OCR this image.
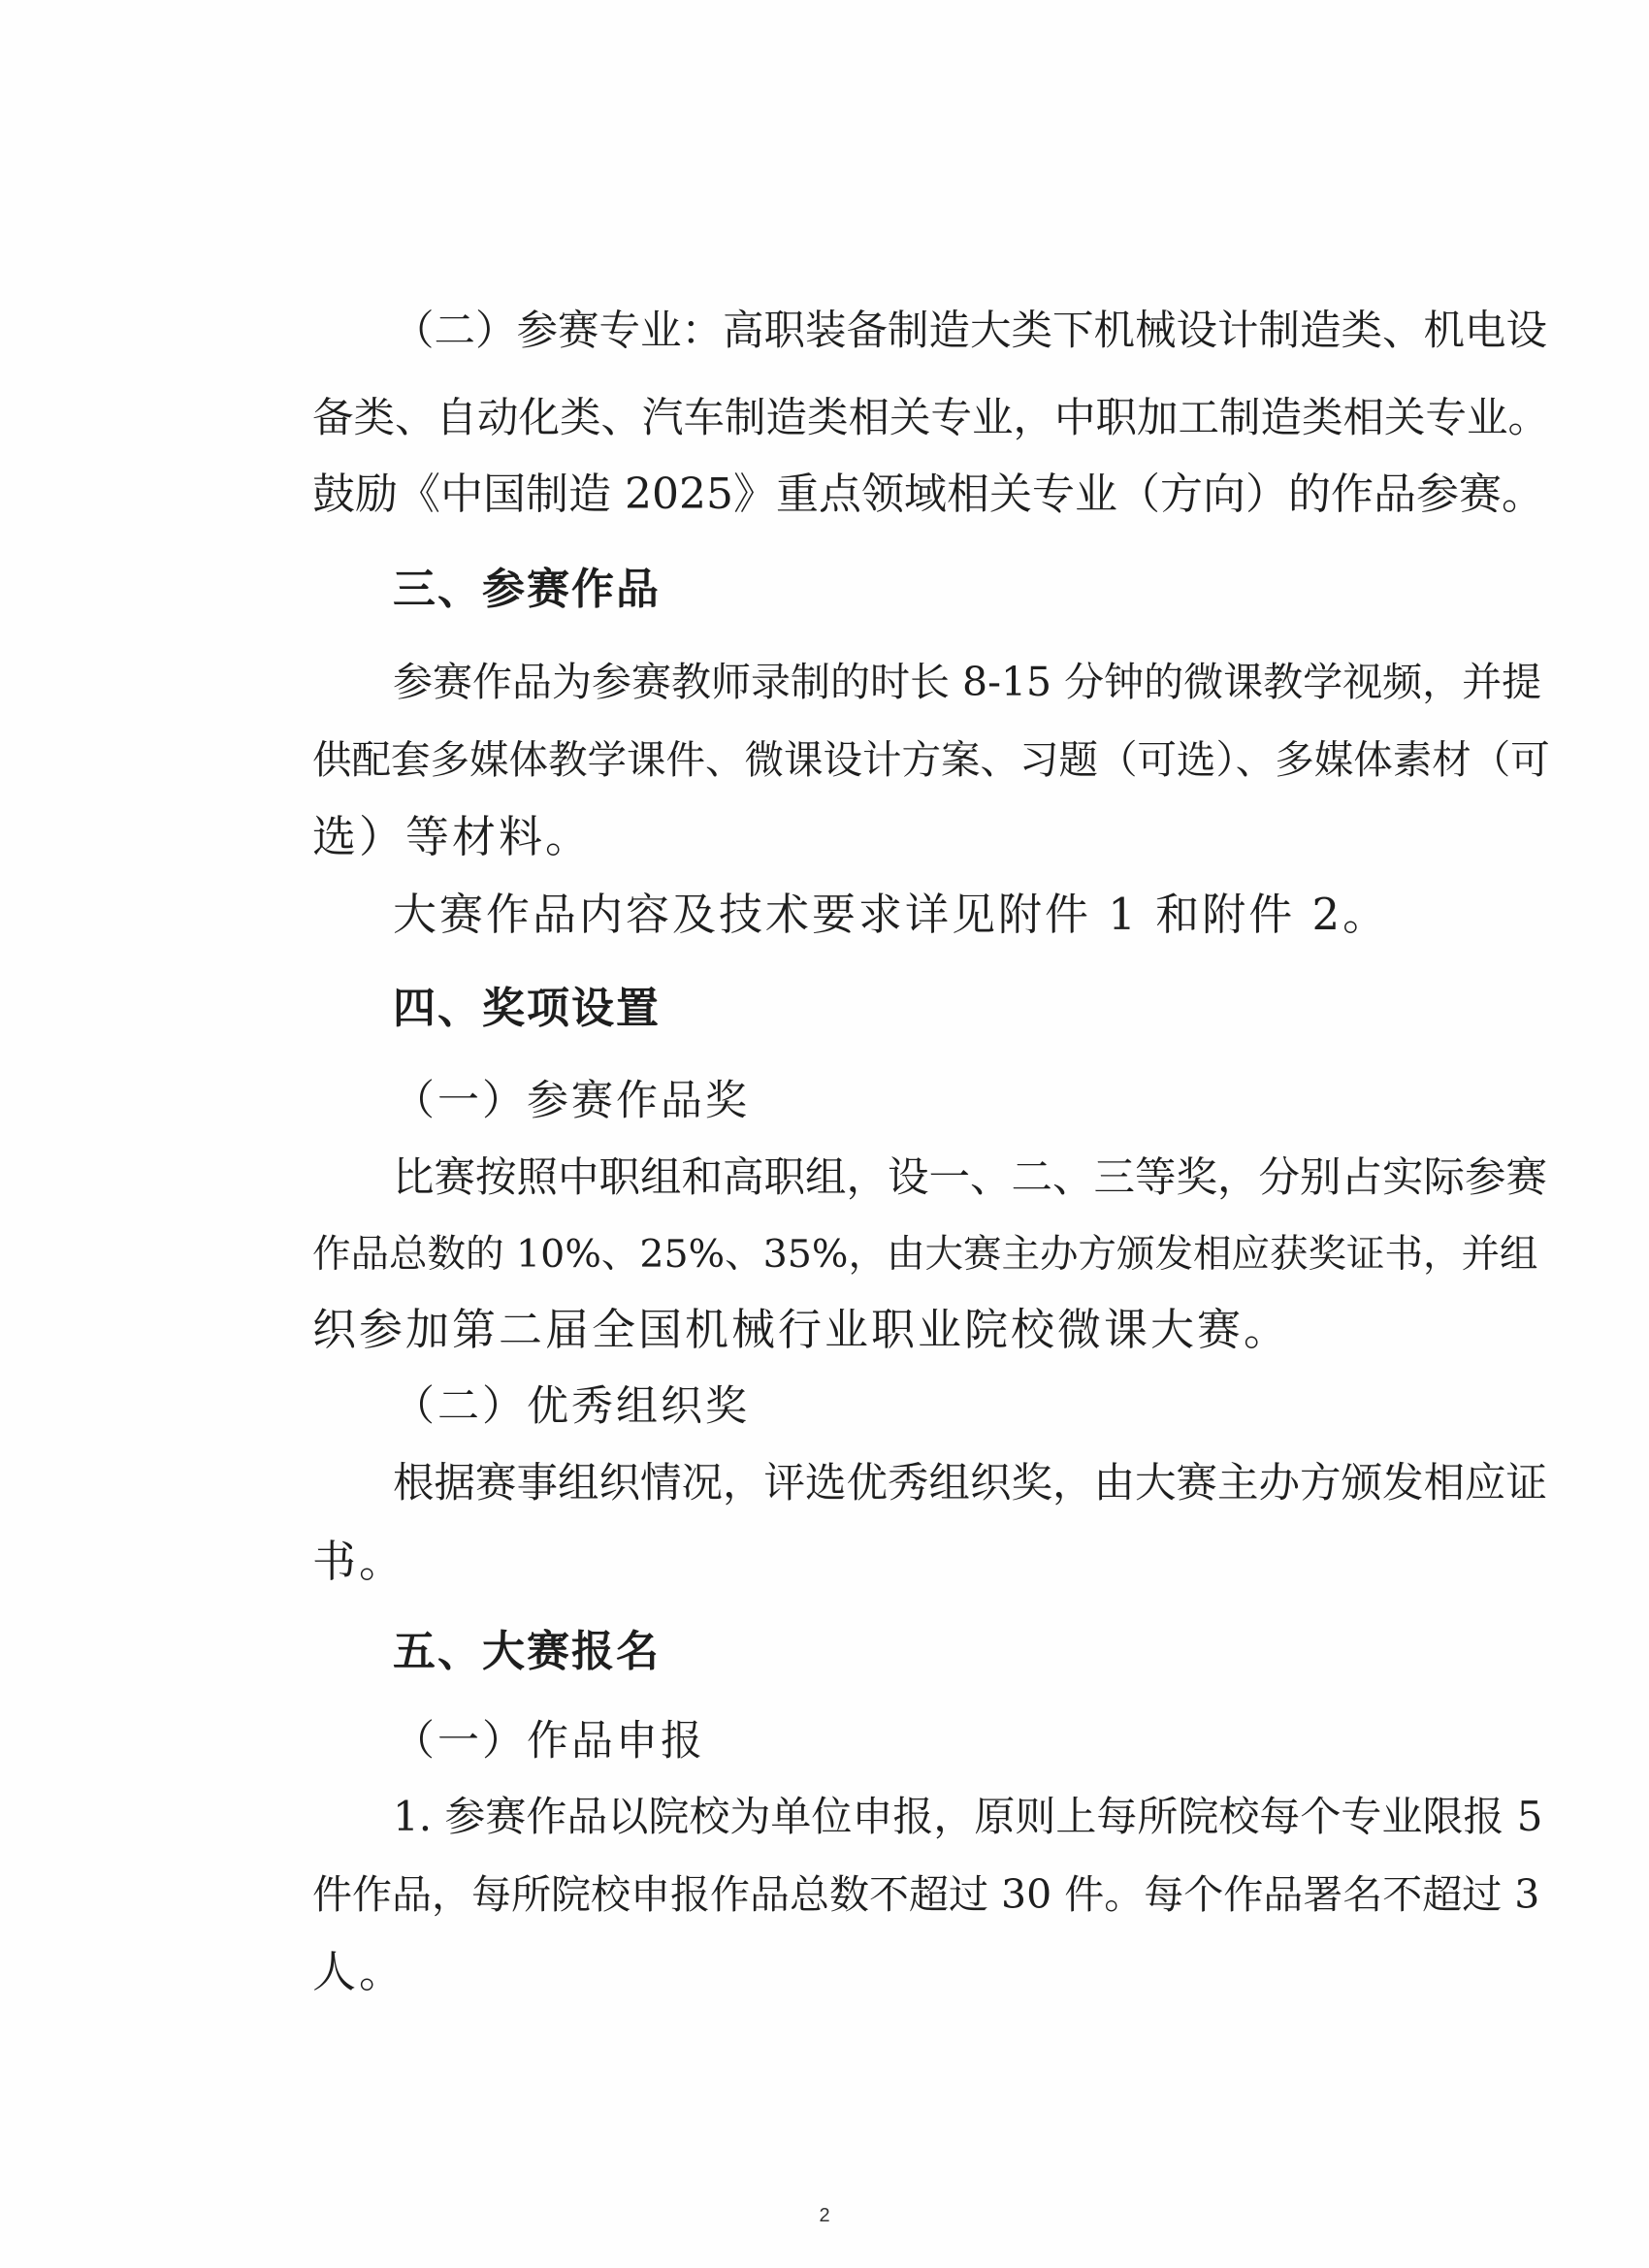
（二）参赛专业：高职装备制造大类下机械设计制造类、机电设

备类、自动化类、汽车制造类相关专业，中职加工制造类相关专业。

鼓励《中国制造 2025》重点领域相关专业（方向）的作品参赛。

三、参赛作品

参赛作品为参赛教师录制的时长 8-15 分钟的微课教学视频，并提

供配套多媒体教学课件、微课设计方案、习题（可选）、多媒体素材（可

选）等材料。

大赛作品内容及技术要求详见附件 1 和附件 2。

四、奖项设置

（一）参赛作品奖

比赛按照中职组和高职组，设一、二、三等奖，分别占实际参赛

作品总数的 10%、25%、35%，由大赛主办方颁发相应获奖证书，并组

织参加第二届全国机械行业职业院校微课大赛。

（二）优秀组织奖

根据赛事组织情况，评选优秀组织奖，由大赛主办方颁发相应证

书。

五、大赛报名

（一）作品申报

1. 参赛作品以院校为单位申报，原则上每所院校每个专业限报 5

件作品，每所院校申报作品总数不超过 30 件。每个作品署名不超过 3

人。

2
